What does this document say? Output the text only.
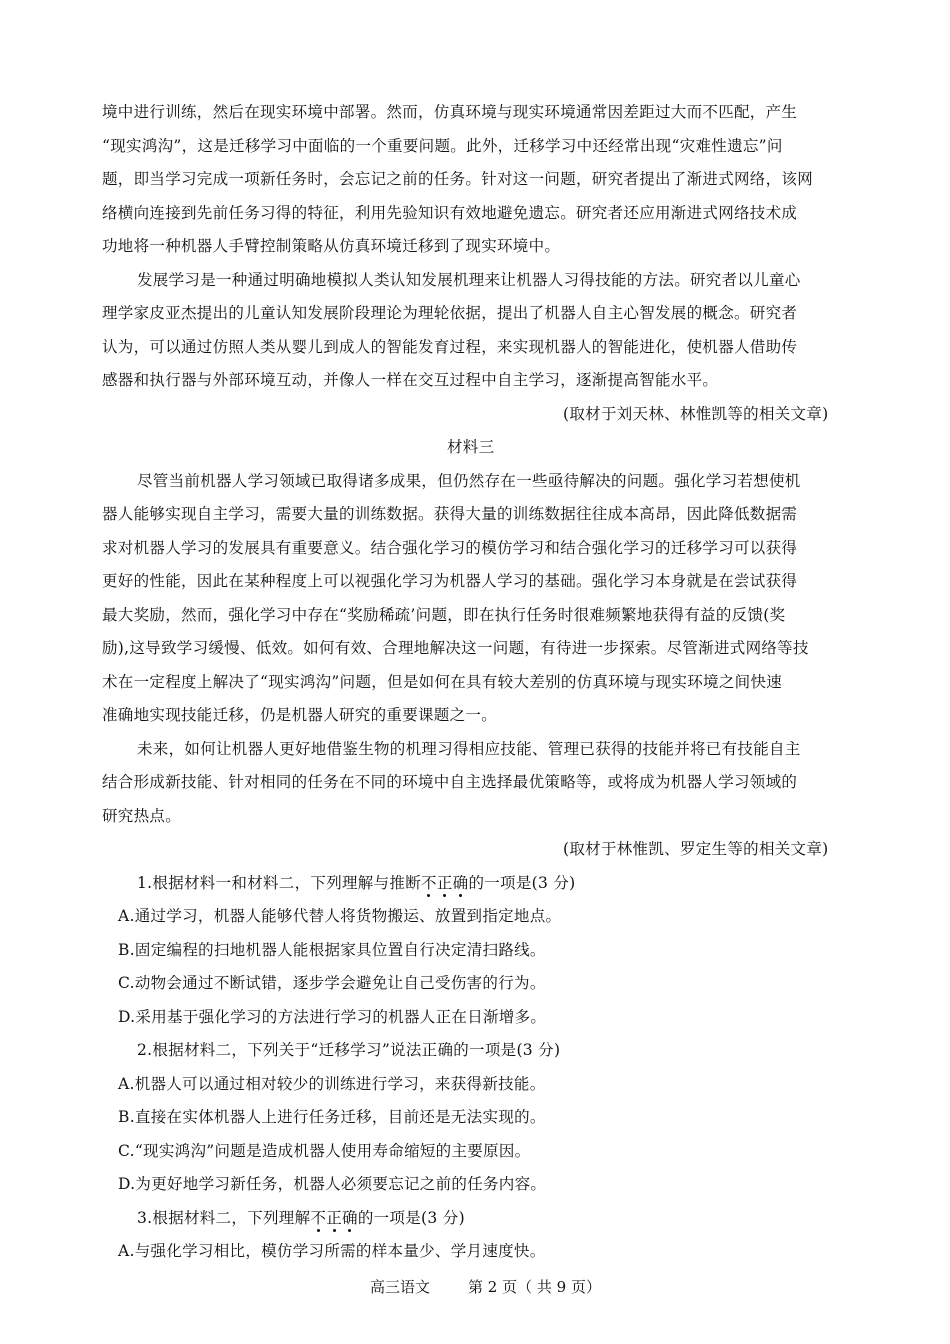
境中进行训练，然后在现实环境中部署。然而，仿真环境与现实环境通常因差距过大而不匹配，产生
“现实鸿沟”，这是迁移学习中面临的一个重要问题。此外，迁移学习中还经常出现“灾难性遗忘”问
题，即当学习完成一项新任务时，会忘记之前的任务。针对这一问题，研究者提出了渐进式网络，该网
络横向连接到先前任务习得的特征，利用先验知识有效地避免遗忘。研究者还应用渐进式网络技术成
功地将一种机器人手臂控制策略从仿真环境迁移到了现实环境中。
发展学习是一种通过明确地模拟人类认知发展机理来让机器人习得技能的方法。研究者以儿童心
理学家皮亚杰提出的儿童认知发展阶段理论为理轮依据，提出了机器人自主心智发展的概念。研究者
认为，可以通过仿照人类从婴儿到成人的智能发育过程，来实现机器人的智能进化，使机器人借助传
感器和执行器与外部环境互动，并像人一样在交互过程中自主学习，逐渐提高智能水平。
(取材于刘天林、林惟凯等的相关文章)
材料三
尽管当前机器人学习领域已取得诸多成果，但仍然存在一些亟待解决的问题。强化学习若想使机
器人能够实现自主学习，需要大量的训练数据。获得大量的训练数据往往成本高昂，因此降低数据需
求对机器人学习的发展具有重要意义。结合强化学习的模仿学习和结合强化学习的迁移学习可以获得
更好的性能，因此在某种程度上可以视强化学习为机器人学习的基础。强化学习本身就是在尝试获得
最大奖励，然而，强化学习中存在“奖励稀疏’问题，即在执行任务时很难频繁地获得有益的反馈(奖
励),这导致学习缓慢、低效。如何有效、合理地解决这一问题，有待进一步探索。尽管渐进式网络等技
术在一定程度上解决了“现实鸿沟”问题，但是如何在具有较大差别的仿真环境与现实环境之间快速
准确地实现技能迁移，仍是机器人研究的重要课题之一。
未来，如何让机器人更好地借鉴生物的机理习得相应技能、管理已获得的技能并将已有技能自主
结合形成新技能、针对相同的任务在不同的环境中自主选择最优策略等，或将成为机器人学习领域的
研究热点。
(取材于林惟凯、罗定生等的相关文章)
1.根据材料一和材料二，下列理解与推断不正确的一项是(3 分)
A.通过学习，机器人能够代替人将货物搬运、放置到指定地点。
B.固定编程的扫地机器人能根据家具位置自行决定清扫路线。
C.动物会通过不断试错，逐步学会避免让自己受伤害的行为。
D.采用基于强化学习的方法进行学习的机器人正在日渐增多。
2.根据材料二，下列关于“迁移学习”说法正确的一项是(3 分)
A.机器人可以通过相对较少的训练进行学习，来获得新技能。
B.直接在实体机器人上进行任务迁移，目前还是无法实现的。
C.“现实鸿沟”问题是造成机器人使用寿命缩短的主要原因。
D.为更好地学习新任务，机器人必须要忘记之前的任务内容。
3.根据材料二，下列理解不正确的一项是(3 分)
A.与强化学习相比，模仿学习所需的样本量少、学月速度快。
高三语文	第 2 页（ 共 9 页）
